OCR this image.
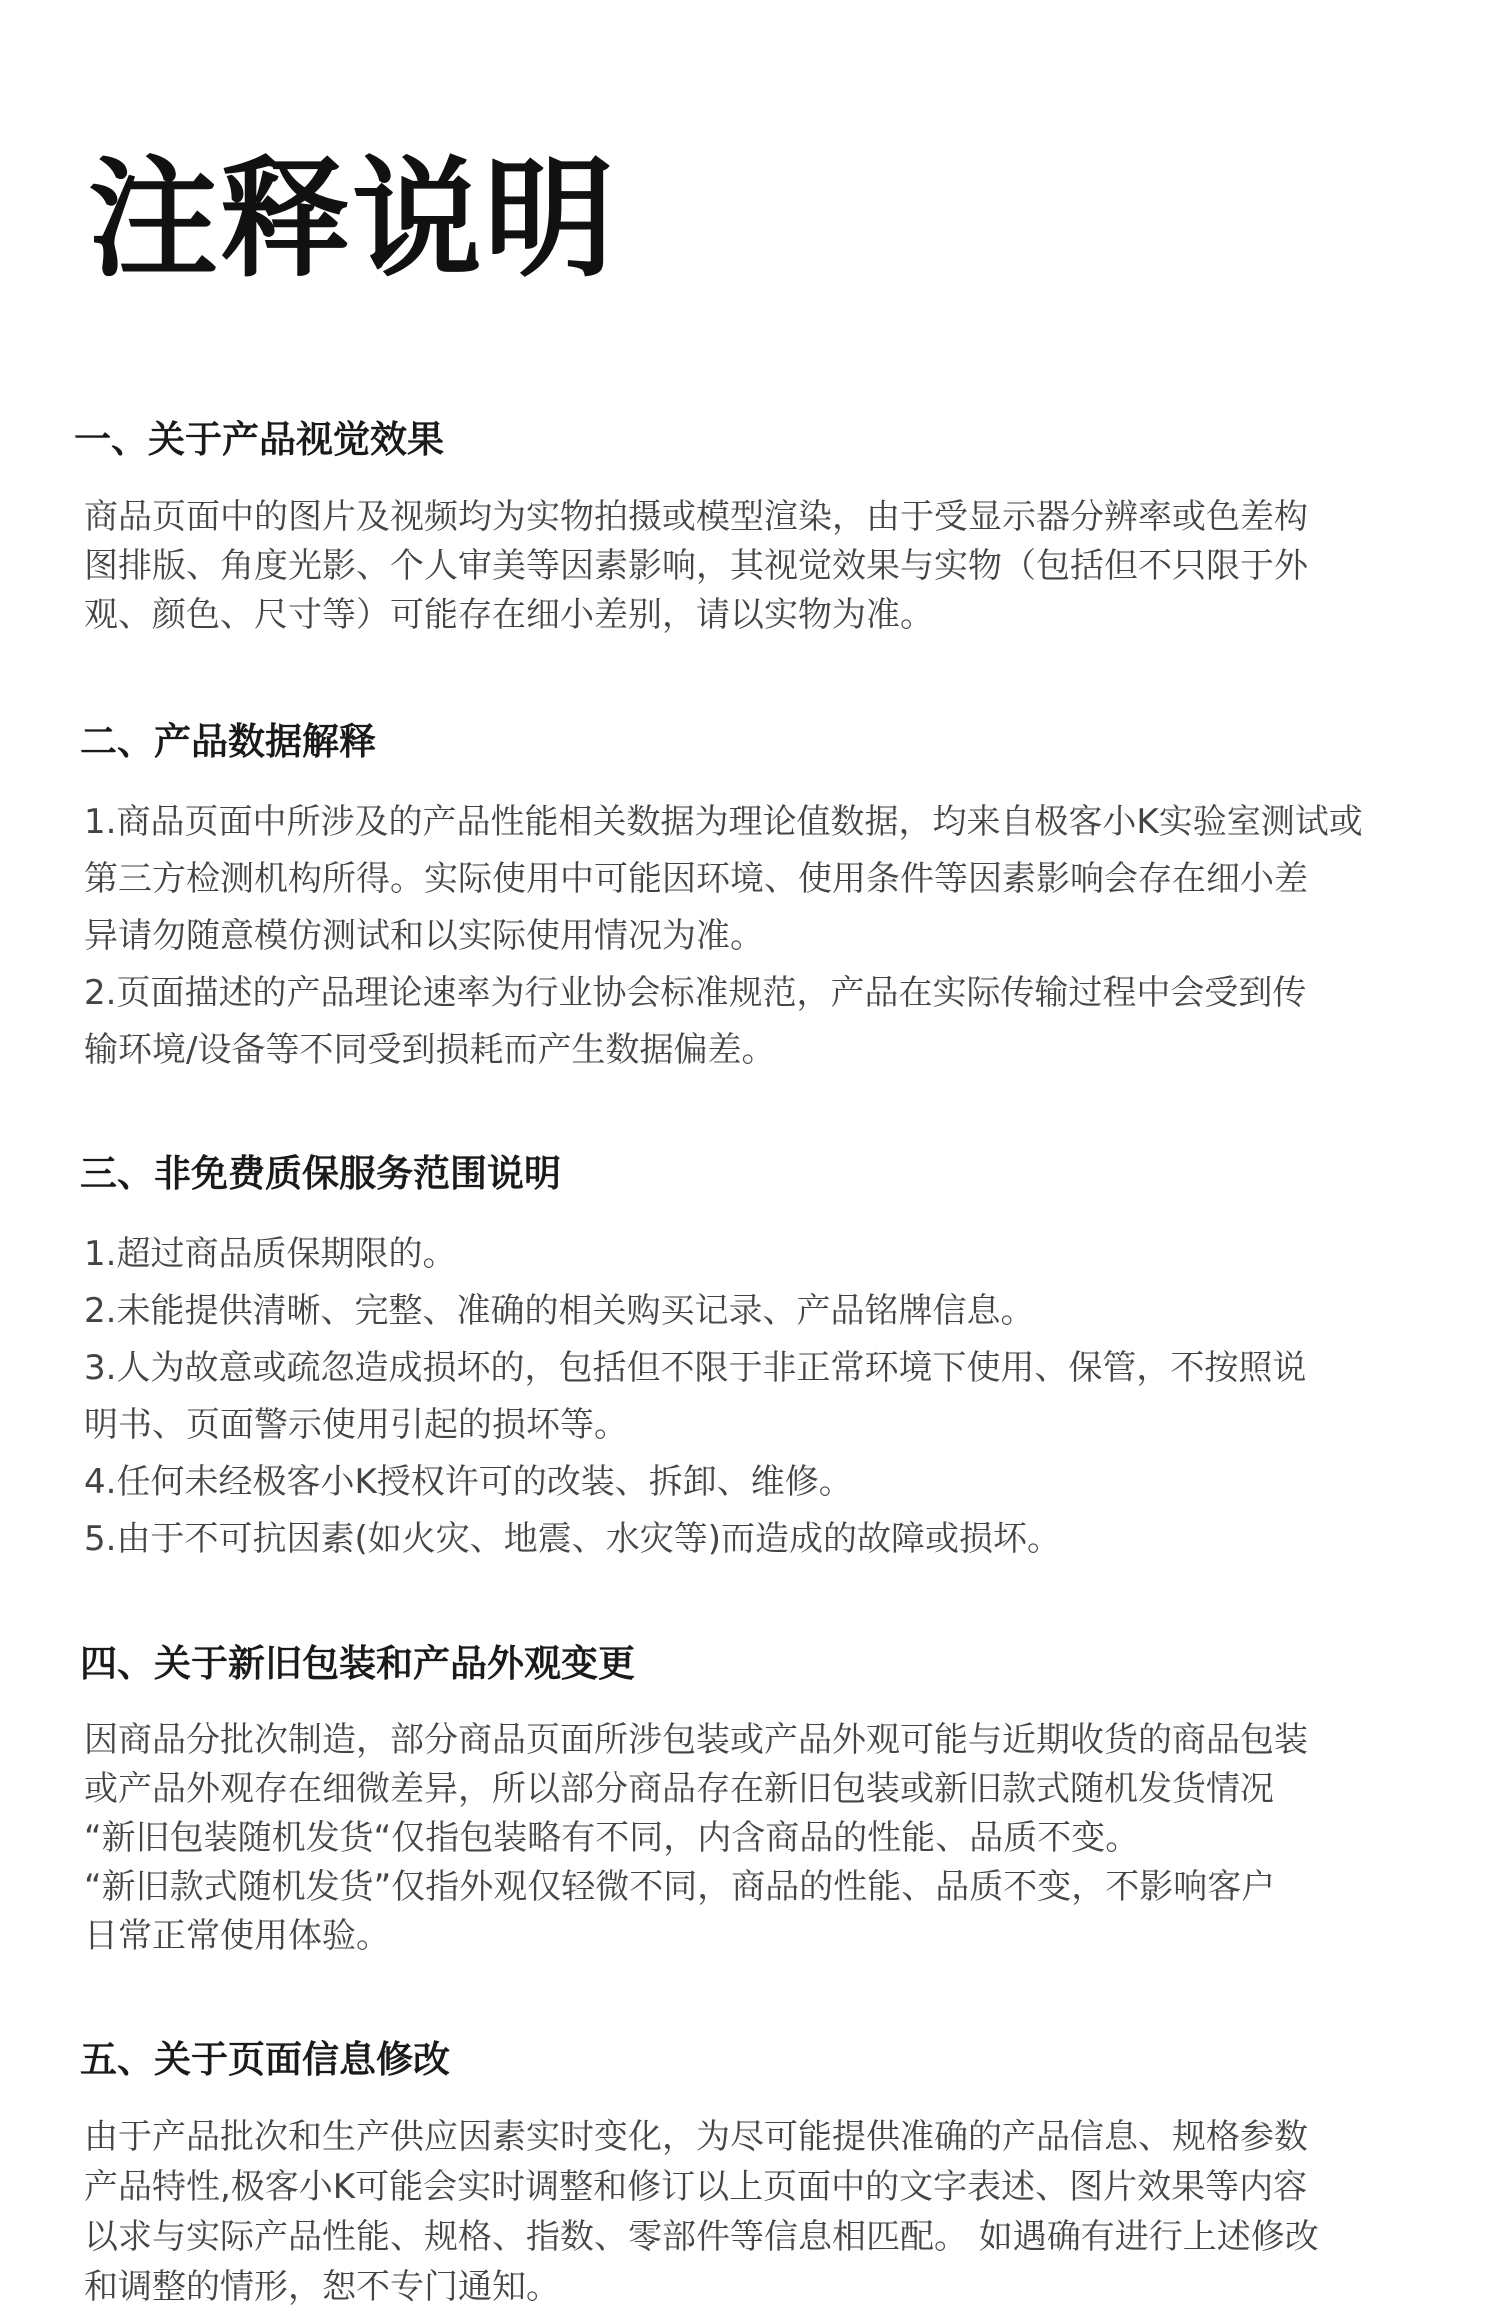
注释说明
一、关于产品视觉效果
商品页面中的图片及视频均为实物拍摄或模型渲染，由于受显示器分辨率或色差构
图排版、角度光影、个人审美等因素影响，其视觉效果与实物（包括但不只限于外
观、颜色、尺寸等）可能存在细小差别，请以实物为准。
二、产品数据解释
1.商品页面中所涉及的产品性能相关数据为理论值数据，均来自极客小K实验室测试或
第三方检测机构所得。实际使用中可能因环境、使用条件等因素影响会存在细小差
异请勿随意模仿测试和以实际使用情况为准。
2.页面描述的产品理论速率为行业协会标准规范，产品在实际传输过程中会受到传
输环境/设备等不同受到损耗而产生数据偏差。
三、非免费质保服务范围说明
1.超过商品质保期限的。
2.未能提供清晰、完整、准确的相关购买记录、产品铭牌信息。
3.人为故意或疏忽造成损坏的，包括但不限于非正常环境下使用、保管，不按照说
明书、页面警示使用引起的损坏等。
4.任何未经极客小K授权许可的改装、拆卸、维修。
5.由于不可抗因素(如火灾、地震、水灾等)而造成的故障或损坏。
四、关于新旧包装和产品外观变更
因商品分批次制造，部分商品页面所涉包装或产品外观可能与近期收货的商品包装
或产品外观存在细微差异，所以部分商品存在新旧包装或新旧款式随机发货情况
“新旧包装随机发货“仅指包装略有不同，内含商品的性能、品质不变。
“新旧款式随机发货”仅指外观仅轻微不同，商品的性能、品质不变，不影响客户
日常正常使用体验。
五、关于页面信息修改
由于产品批次和生产供应因素实时变化，为尽可能提供准确的产品信息、规格参数
产品特性,极客小K可能会实时调整和修订以上页面中的文字表述、图片效果等内容
以求与实际产品性能、规格、指数、零部件等信息相匹配。 如遇确有进行上述修改
和调整的情形，恕不专门通知。
